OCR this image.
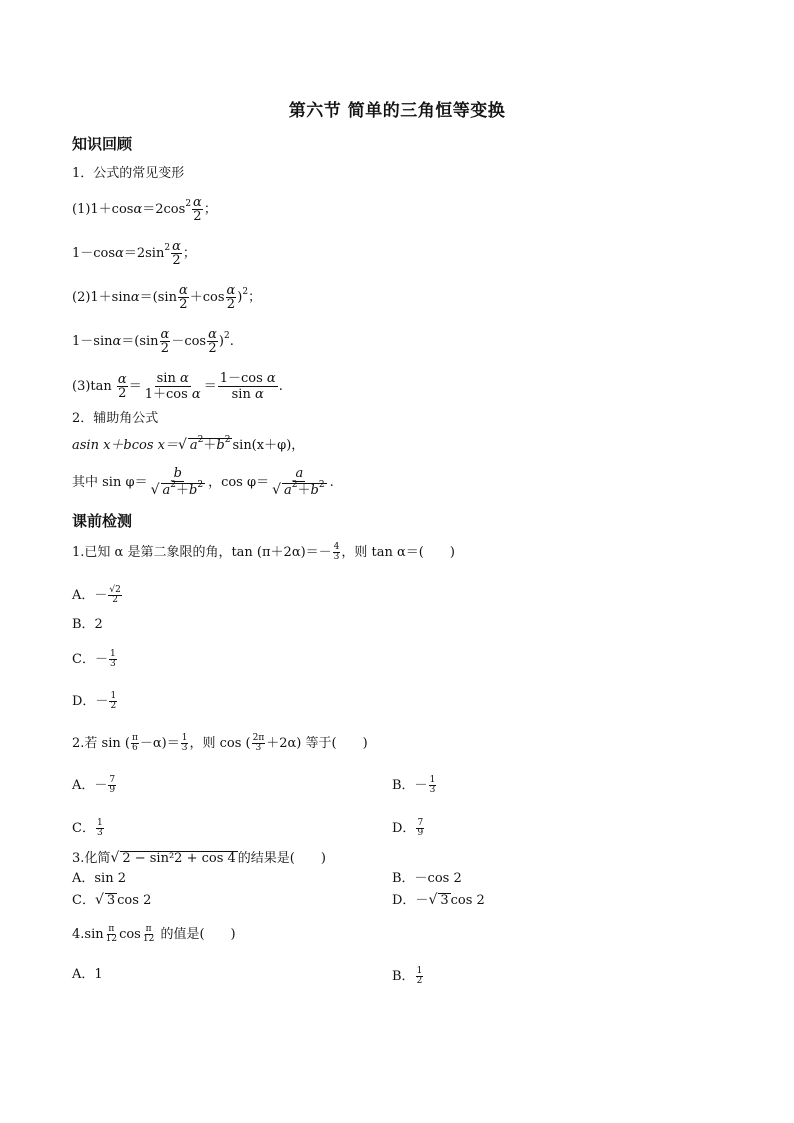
第六节 简单的三角恒等变换
知识回顾
1．公式的常见变形
$(1)1+\cos\alpha=2\cos^2 \frac{\alpha}{2}$ ；
$1-\cos\alpha=2\sin^2 \frac{\alpha}{2}$ ；
$(2)1+\sin\alpha=(\sin \frac{\alpha}{2} +\cos \frac{\alpha}{2} )^2$；
$1-\sin\alpha=(\sin \frac{\alpha}{2} -\cos \frac{\alpha}{2} )^2$.
$(3)\tan \frac{\alpha}{2} = \frac{\text{sin α}}{\text{1＋cos α}} = \frac{\text{1－cos α}}{\text{sin α}}$ .
2．辅助角公式
asin x＋bcos x＝√ $a^2+b^2$ sin(x＋φ)，
其中 $\sin \varphi= \frac{b}{√ a^2+b^2}$ ，$\cos \varphi= \frac{a}{√ a^2+b^2}$ .
课前检测
1.已知 α 是第二象限的角，$\tan (\pi+2\alpha)=- \frac{4}{3}$ ，则 tan α＝(　　)
A．－ $\frac{√2}{2}$
B．2
C．－ $\frac{1}{3}$
D．－ $\frac{1}{2}$
2.若 sin ( $\frac{\pi}{6} -\alpha)= \frac{1}{3}$ ，则 cos ( $\frac{2\pi}{3} +2\alpha$) 等于(　　)
A．－ $\frac{7}{9}$	B．－ $\frac{1}{3}$
C． $\frac{1}{3}$	D． $\frac{7}{9}$
3.化简√ 2 − sin²2 + cos 4 的结果是(　　)
A．sin 2	B．－cos 2
C．√ 3 cos 2	D．－√ 3 cos 2
$4.\sin \frac{\pi}{12}$ $\cos \frac{\pi}{12}$ 的值是(　　)
A．1	B． $\frac{1}{2}$
